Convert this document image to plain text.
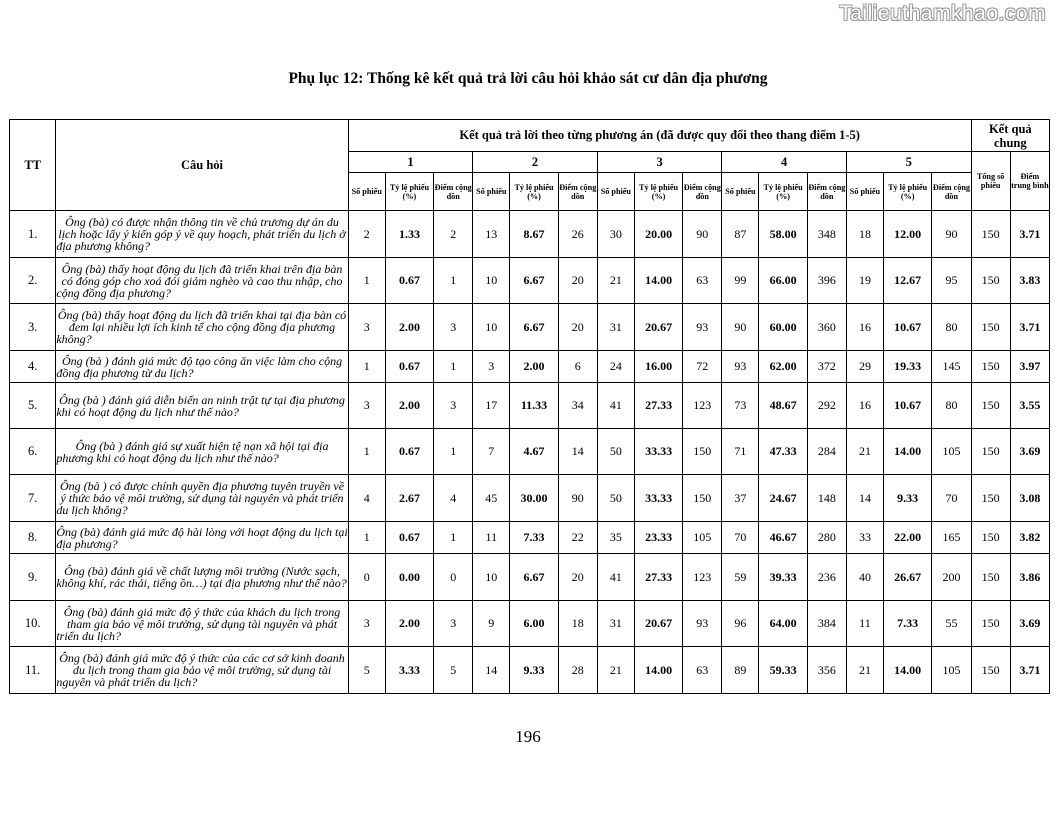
Tailieuthamkhao.com
Phụ lục 12: Thống kê kết quả trả lời câu hỏi khảo sát cư dân địa phương
TT	Câu hỏi	Kết quả trả lời theo từng phương án (đã được quy đổi theo thang điểm 1-5)															Kết quả chung	
		1			2			3			4			5			Tổng số phiếu	Điểm trung bình
		Số phiếu	Tỷ lệ phiếu (%)	Điểm cộng dồn	Số phiếu	Tỷ lệ phiếu (%)	Điểm cộng dồn	Số phiếu	Tỷ lệ phiếu (%)	Điểm cộng dồn	Số phiếu	Tỷ lệ phiếu (%)	Điểm cộng dồn	Số phiếu	Tỷ lệ phiếu (%)	Điểm cộng dồn		
1.	Ông (bà) có được nhận thông tin về chủ trương dự án du lịch hoặc lấy ý kiến góp ý về quy hoạch, phát triển du lịch ở địa phương không?	2	1.33	2	13	8.67	26	30	20.00	90	87	58.00	348	18	12.00	90	150	3.71
2.	Ông (bà) thấy hoạt động du lịch đã triển khai trên địa bàn có đóng góp cho xoá đói giảm nghèo và cao thu nhập, cho cộng đồng địa phương?	1	0.67	1	10	6.67	20	21	14.00	63	99	66.00	396	19	12.67	95	150	3.83
3.	Ông (bà) thấy hoạt động du lịch đã triển khai tại địa bàn có đem lại nhiều lợi ích kinh tế cho cộng đồng địa phương không?	3	2.00	3	10	6.67	20	31	20.67	93	90	60.00	360	16	10.67	80	150	3.71
4.	Ông (bà ) đánh giá mức độ tạo công ăn việc làm cho cộng đồng địa phương từ du lịch?	1	0.67	1	3	2.00	6	24	16.00	72	93	62.00	372	29	19.33	145	150	3.97
5.	Ông (bà ) đánh giá diễn biến an ninh trật tự tại địa phương khi có hoạt động du lịch như thế nào?	3	2.00	3	17	11.33	34	41	27.33	123	73	48.67	292	16	10.67	80	150	3.55
6.	Ông (bà ) đánh giá sự xuất hiện tệ nạn xã hội tại địa phương khi có hoạt động du lịch như thế nào?	1	0.67	1	7	4.67	14	50	33.33	150	71	47.33	284	21	14.00	105	150	3.69
7.	Ông (bà ) có được chính quyền địa phương tuyên truyền về ý thức bảo vệ môi trường, sử dụng tài nguyên và phát triển du lịch không?	4	2.67	4	45	30.00	90	50	33.33	150	37	24.67	148	14	9.33	70	150	3.08
8.	Ông (bà) đánh giá mức độ hài lòng với hoạt động du lịch tại địa phương?	1	0.67	1	11	7.33	22	35	23.33	105	70	46.67	280	33	22.00	165	150	3.82
9.	Ông (bà) đánh giá về chất lượng môi trường (Nước sạch, không khí, rác thải, tiếng ồn…) tại địa phương như thế nào?	0	0.00	0	10	6.67	20	41	27.33	123	59	39.33	236	40	26.67	200	150	3.86
10.	Ông (bà) đánh giá mức độ ý thức của khách du lịch trong tham gia bảo vệ môi trường, sử dụng tài nguyên và phát triển du lịch?	3	2.00	3	9	6.00	18	31	20.67	93	96	64.00	384	11	7.33	55	150	3.69
11.	Ông (bà) đánh giá mức độ ý thức của các cơ sở kinh doanh du lịch trong tham gia bảo vệ môi trường, sử dụng tài nguyên và phát triển du lịch?	5	3.33	5	14	9.33	28	21	14.00	63	89	59.33	356	21	14.00	105	150	3.71
196
